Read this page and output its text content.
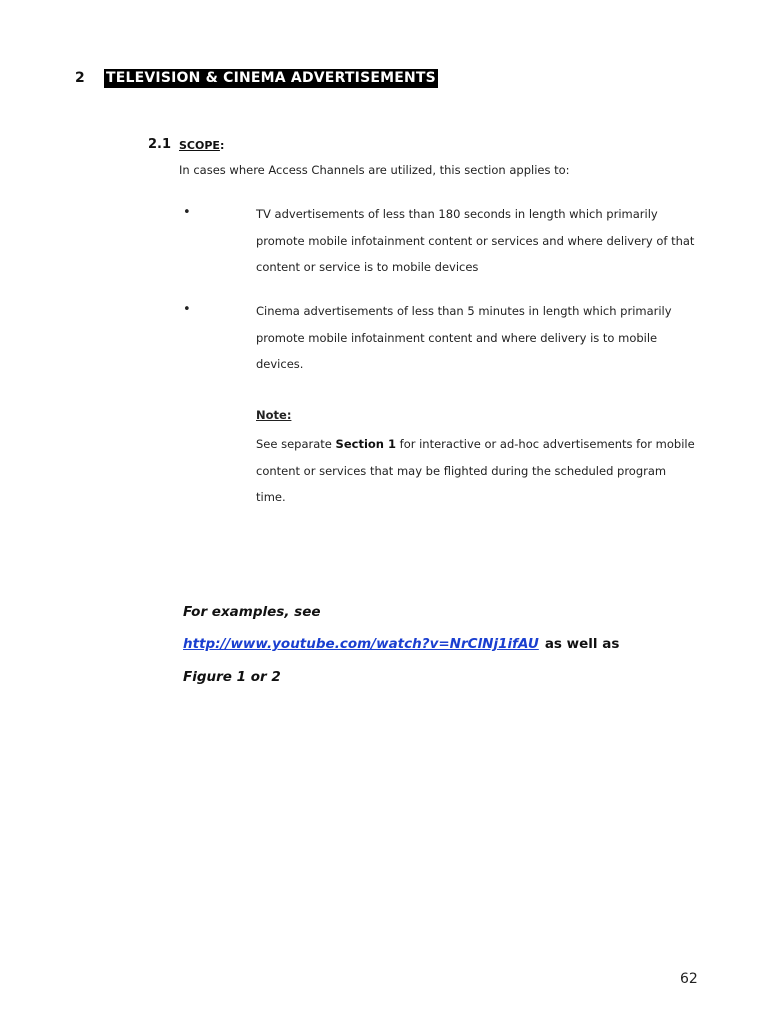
2 TELEVISION & CINEMA ADVERTISEMENTS
2.1 SCOPE:
In cases where Access Channels are utilized, this section applies to:
•	TV advertisements of less than 180 seconds in length which primarily promote mobile infotainment content or services and where delivery of that content or service is to mobile devices
•	Cinema advertisements of less than 5 minutes in length which primarily promote mobile infotainment content and where delivery is to mobile devices.
Note:
See separate Section 1 for interactive or ad-hoc advertisements for mobile content or services that may be flighted during the scheduled program time.
For examples, see
http://www.youtube.com/watch?v=NrClNj1ifAU as well as
Figure 1 or 2
62
